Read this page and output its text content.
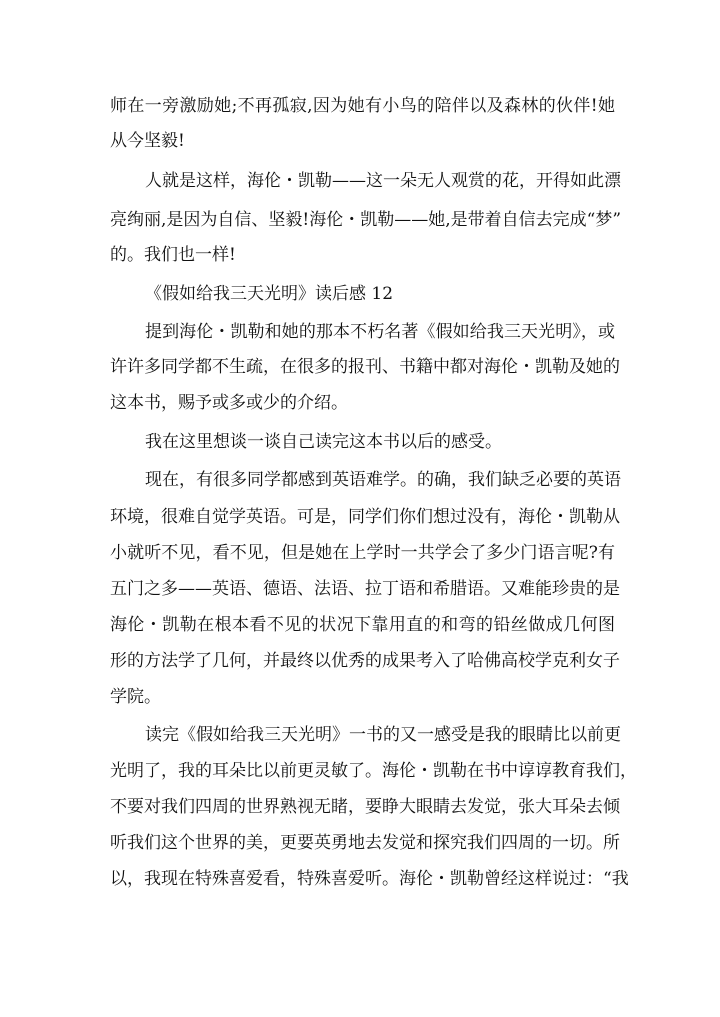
师在一旁激励她;不再孤寂,因为她有小鸟的陪伴以及森林的伙伴!她
从今坚毅!
人就是这样，海伦・凯勒——这一朵无人观赏的花，开得如此漂
亮绚丽,是因为自信、坚毅!海伦・凯勒——她,是带着自信去完成“梦”
的。我们也一样!
《假如给我三天光明》读后感 12
提到海伦・凯勒和她的那本不朽名著《假如给我三天光明》，或
许许多同学都不生疏，在很多的报刊、书籍中都对海伦・凯勒及她的
这本书，赐予或多或少的介绍。
我在这里想谈一谈自己读完这本书以后的感受。
现在，有很多同学都感到英语难学。的确，我们缺乏必要的英语
环境，很难自觉学英语。可是，同学们你们想过没有，海伦・凯勒从
小就听不见，看不见，但是她在上学时一共学会了多少门语言呢?有
五门之多——英语、德语、法语、拉丁语和希腊语。又难能珍贵的是
海伦・凯勒在根本看不见的状况下靠用直的和弯的铅丝做成几何图
形的方法学了几何，并最终以优秀的成果考入了哈佛高校学克利女子
学院。
读完《假如给我三天光明》一书的又一感受是我的眼睛比以前更
光明了，我的耳朵比以前更灵敏了。海伦・凯勒在书中谆谆教育我们，
不要对我们四周的世界熟视无睹，要睁大眼睛去发觉，张大耳朵去倾
听我们这个世界的美，更要英勇地去发觉和探究我们四周的一切。所
以，我现在特殊喜爱看，特殊喜爱听。海伦・凯勒曾经这样说过：“我
